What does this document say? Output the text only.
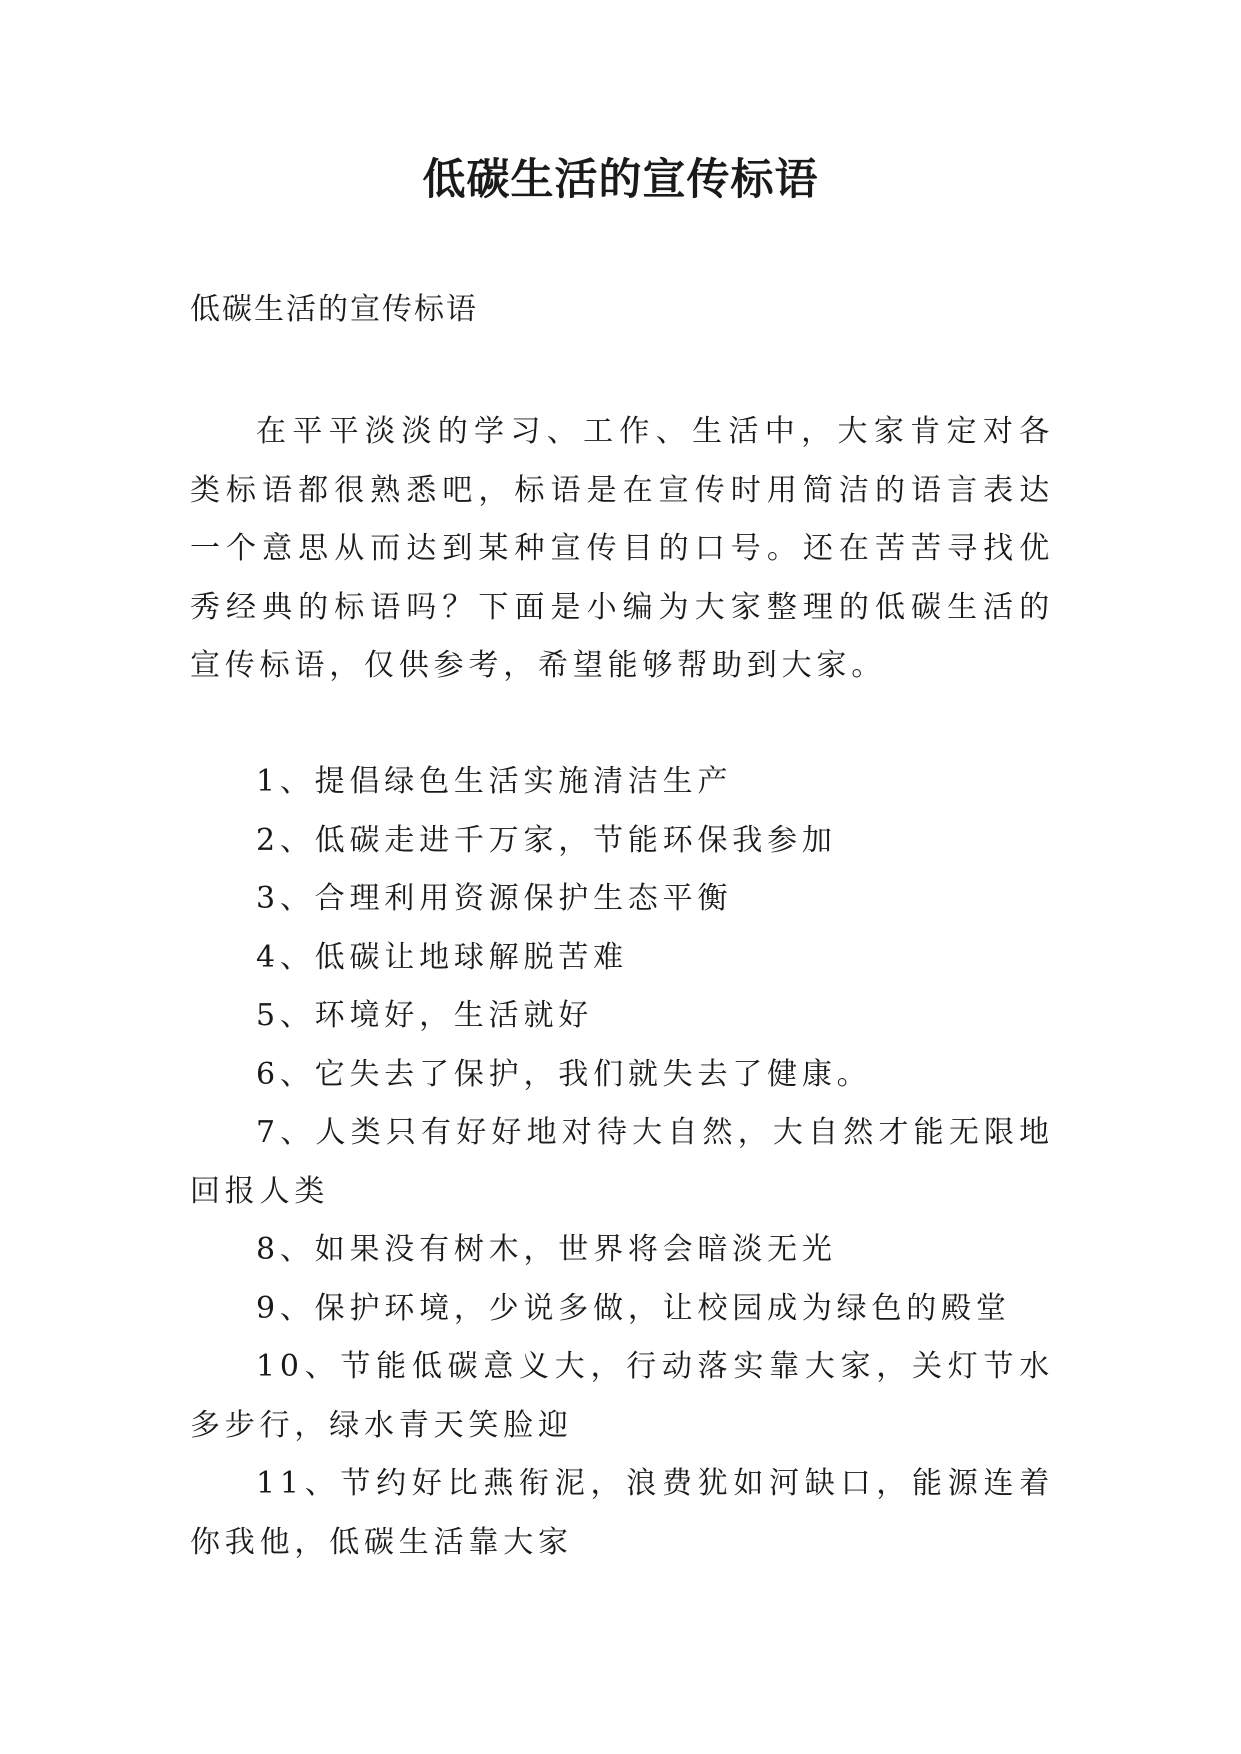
低碳生活的宣传标语

低碳生活的宣传标语

在平平淡淡的学习、工作、生活中，大家肯定对各类标语都很熟悉吧，标语是在宣传时用简洁的语言表达一个意思从而达到某种宣传目的口号。还在苦苦寻找优秀经典的标语吗？下面是小编为大家整理的低碳生活的宣传标语，仅供参考，希望能够帮助到大家。

1、提倡绿色生活实施清洁生产
2、低碳走进千万家，节能环保我参加
3、合理利用资源保护生态平衡
4、低碳让地球解脱苦难
5、环境好，生活就好
6、它失去了保护，我们就失去了健康。
7、人类只有好好地对待大自然，大自然才能无限地回报人类
8、如果没有树木，世界将会暗淡无光
9、保护环境，少说多做，让校园成为绿色的殿堂
10、节能低碳意义大，行动落实靠大家，关灯节水多步行，绿水青天笑脸迎
11、节约好比燕衔泥，浪费犹如河缺口，能源连着你我他，低碳生活靠大家
